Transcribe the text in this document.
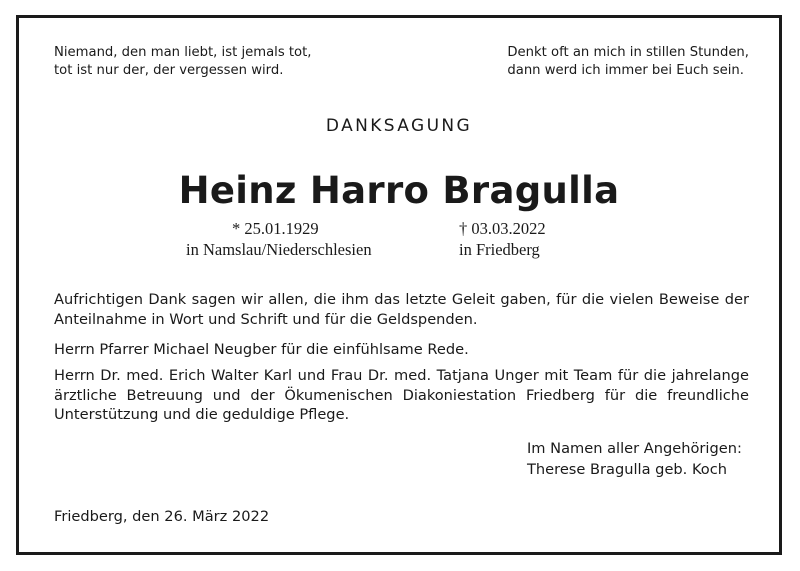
Niemand, den man liebt, ist jemals tot,
tot ist nur der, der vergessen wird.
Denkt oft an mich in stillen Stunden,
dann werd ich immer bei Euch sein.
DANKSAGUNG
Heinz Harro Bragulla
* 25.01.1929
in Namslau/Niederschlesien
† 03.03.2022
in Friedberg
Aufrichtigen Dank sagen wir allen, die ihm das letzte Geleit gaben, für die vielen Beweise der Anteilnahme in Wort und Schrift und für die Geldspenden.
Herrn Pfarrer Michael Neugber für die einfühlsame Rede.
Herrn Dr. med. Erich Walter Karl und Frau Dr. med. Tatjana Unger mit Team für die jahrelange ärztliche Betreuung und der Ökumenischen Diakoniestation Friedberg für die freundliche Unterstützung und die geduldige Pflege.
Im Namen aller Angehörigen:
Therese Bragulla geb. Koch
Friedberg, den 26. März 2022
